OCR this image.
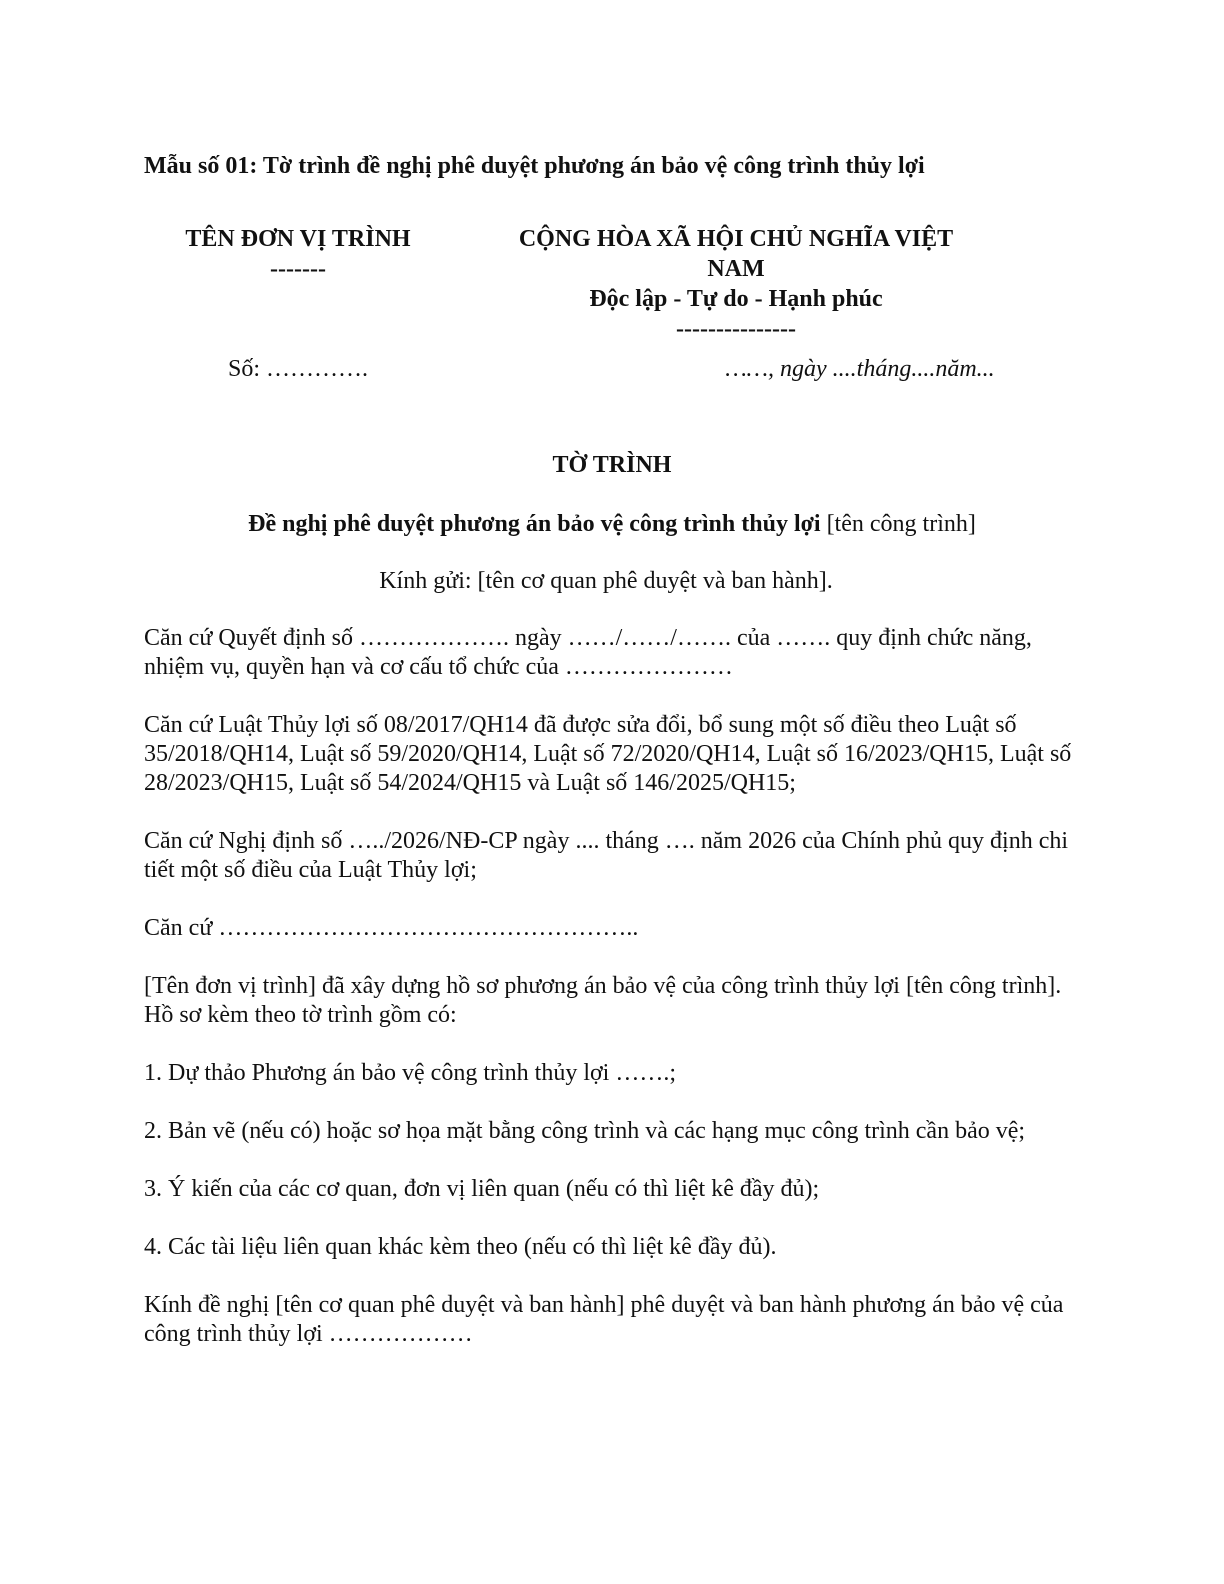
Mẫu số 01: Tờ trình đề nghị phê duyệt phương án bảo vệ công trình thủy lợi
TÊN ĐƠN VỊ TRÌNH
-------
CỘNG HÒA XÃ HỘI CHỦ NGHĨA VIỆT
NAM
Độc lập - Tự do - Hạnh phúc
---------------
Số: ………….	……, ngày ....tháng....năm...
TỜ TRÌNH
Đề nghị phê duyệt phương án bảo vệ công trình thủy lợi [tên công trình]
Kính gửi: [tên cơ quan phê duyệt và ban hành].

Căn cứ Quyết định số ………………. ngày ……/……/……. của ……. quy định chức năng, nhiệm vụ, quyền hạn và cơ cấu tổ chức của …………………

Căn cứ Luật Thủy lợi số 08/2017/QH14 đã được sửa đổi, bổ sung một số điều theo Luật số 35/2018/QH14, Luật số 59/2020/QH14, Luật số 72/2020/QH14, Luật số 16/2023/QH15, Luật số 28/2023/QH15, Luật số 54/2024/QH15 và Luật số 146/2025/QH15;

Căn cứ Nghị định số …../2026/NĐ-CP ngày .... tháng …. năm 2026 của Chính phủ quy định chi tiết một số điều của Luật Thủy lợi;

Căn cứ ……………………………………………..

[Tên đơn vị trình] đã xây dựng hồ sơ phương án bảo vệ của công trình thủy lợi [tên công trình]. Hồ sơ kèm theo tờ trình gồm có:

1. Dự thảo Phương án bảo vệ công trình thủy lợi …….;

2. Bản vẽ (nếu có) hoặc sơ họa mặt bằng công trình và các hạng mục công trình cần bảo vệ;

3. Ý kiến của các cơ quan, đơn vị liên quan (nếu có thì liệt kê đầy đủ);

4. Các tài liệu liên quan khác kèm theo (nếu có thì liệt kê đầy đủ).

Kính đề nghị [tên cơ quan phê duyệt và ban hành] phê duyệt và ban hành phương án bảo vệ của công trình thủy lợi ………………
